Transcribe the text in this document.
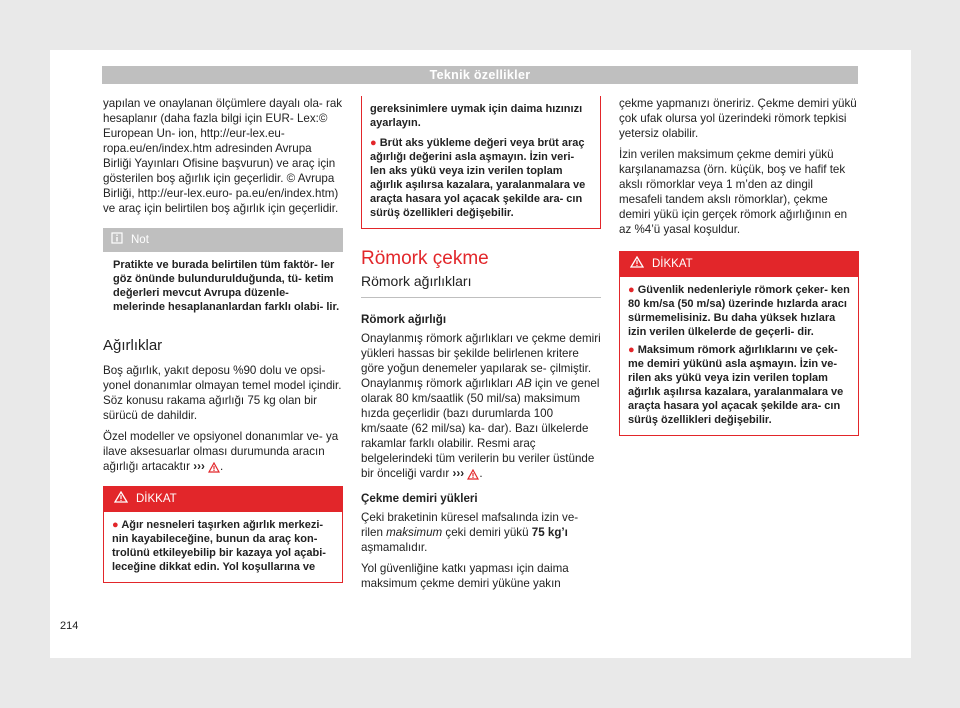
Teknik özellikler

yapılan ve onaylanan ölçümlere dayalı ola- rak hesaplanır (daha fazla bilgi için EUR- Lex:© European Un- ion, http://eur-lex.eu- ropa.eu/en/index.htm adresinden Avrupa Birliği Yayınları Ofisine başvurun) ve araç için gösterilen boş ağırlık için geçerlidir. © Avrupa Birliği, http://eur-lex.euro- pa.eu/en/index.htm) ve araç için belirtilen boş ağırlık için geçerlidir.

Not
Pratikte ve burada belirtilen tüm faktör- ler göz önünde bulundurulduğunda, tü- ketim değerleri mevcut Avrupa düzenle- melerinde hesaplananlardan farklı olabi- lir.
Ağırlıklar

Boş ağırlık, yakıt deposu %90 dolu ve opsi- yonel donanımlar olmayan temel model içindir. Söz konusu rakama ağırlığı 75 kg olan bir sürücü de dahildir.

Özel modeller ve opsiyonel donanımlar ve- ya ilave aksesuarlar olması durumunda aracın ağırlığı artacaktır ››› .

DİKKAT
● Ağır nesneleri taşırken ağırlık merkezi- nin kayabileceğine, bunun da araç kon- trolünü etkileyebilip bir kazaya yol açabi- leceğine dikkat edin. Yol koşullarına ve

gereksinimlere uymak için daima hızınızı ayarlayın.

● Brüt aks yükleme değeri veya brüt araç ağırlığı değerini asla aşmayın. İzin veri- len aks yükü veya izin verilen toplam ağırlık aşılırsa kazalara, yaralanmalara ve araçta hasara yol açacak şekilde ara- cın sürüş özellikleri değişebilir.
Römork çekme
Römork ağırlıkları
Römork ağırlığı

Onaylanmış römork ağırlıkları ve çekme demiri yükleri hassas bir şekilde belirlenen kritere göre yoğun denemeler yapılarak se- çilmiştir. Onaylanmış römork ağırlıkları AB için ve genel olarak 80 km/saatlik (50 mil/sa) maksimum hızda geçerlidir (bazı durumlarda 100 km/saate (62 mil/sa) ka- dar). Bazı ülkelerde rakamlar farklı olabilir. Resmi araç belgelerindeki tüm verilerin bu veriler üstünde bir önceliği vardır ››› .

Çekme demiri yükleri

Çeki braketinin küresel mafsalında izin ve- rilen maksimum çeki demiri yükü 75 kg’ı aşmamalıdır.

Yol güvenliğine katkı yapması için daima maksimum çekme demiri yüküne yakın

çekme yapmanızı öneririz. Çekme demiri yükü çok ufak olursa yol üzerindeki römork tepkisi yetersiz olabilir.

İzin verilen maksimum çekme demiri yükü karşılanamazsa (örn. küçük, boş ve hafif tek akslı römorklar veya 1 m’den az dingil mesafeli tandem akslı römorklar), çekme demiri yükü için gerçek römork ağırlığının en az %4’ü yasal koşuldur.

DİKKAT
● Güvenlik nedenleriyle römork çeker- ken 80 km/sa (50 m/sa) üzerinde hızlarda aracı sürmemelisiniz. Bu daha yüksek hızlara izin verilen ülkelerde de geçerli- dir.
● Maksimum römork ağırlıklarını ve çek- me demiri yükünü asla aşmayın. İzin ve- rilen aks yükü veya izin verilen toplam ağırlık aşılırsa kazalara, yaralanmalara ve araçta hasara yol açacak şekilde ara- cın sürüş özellikleri değişebilir.
214
